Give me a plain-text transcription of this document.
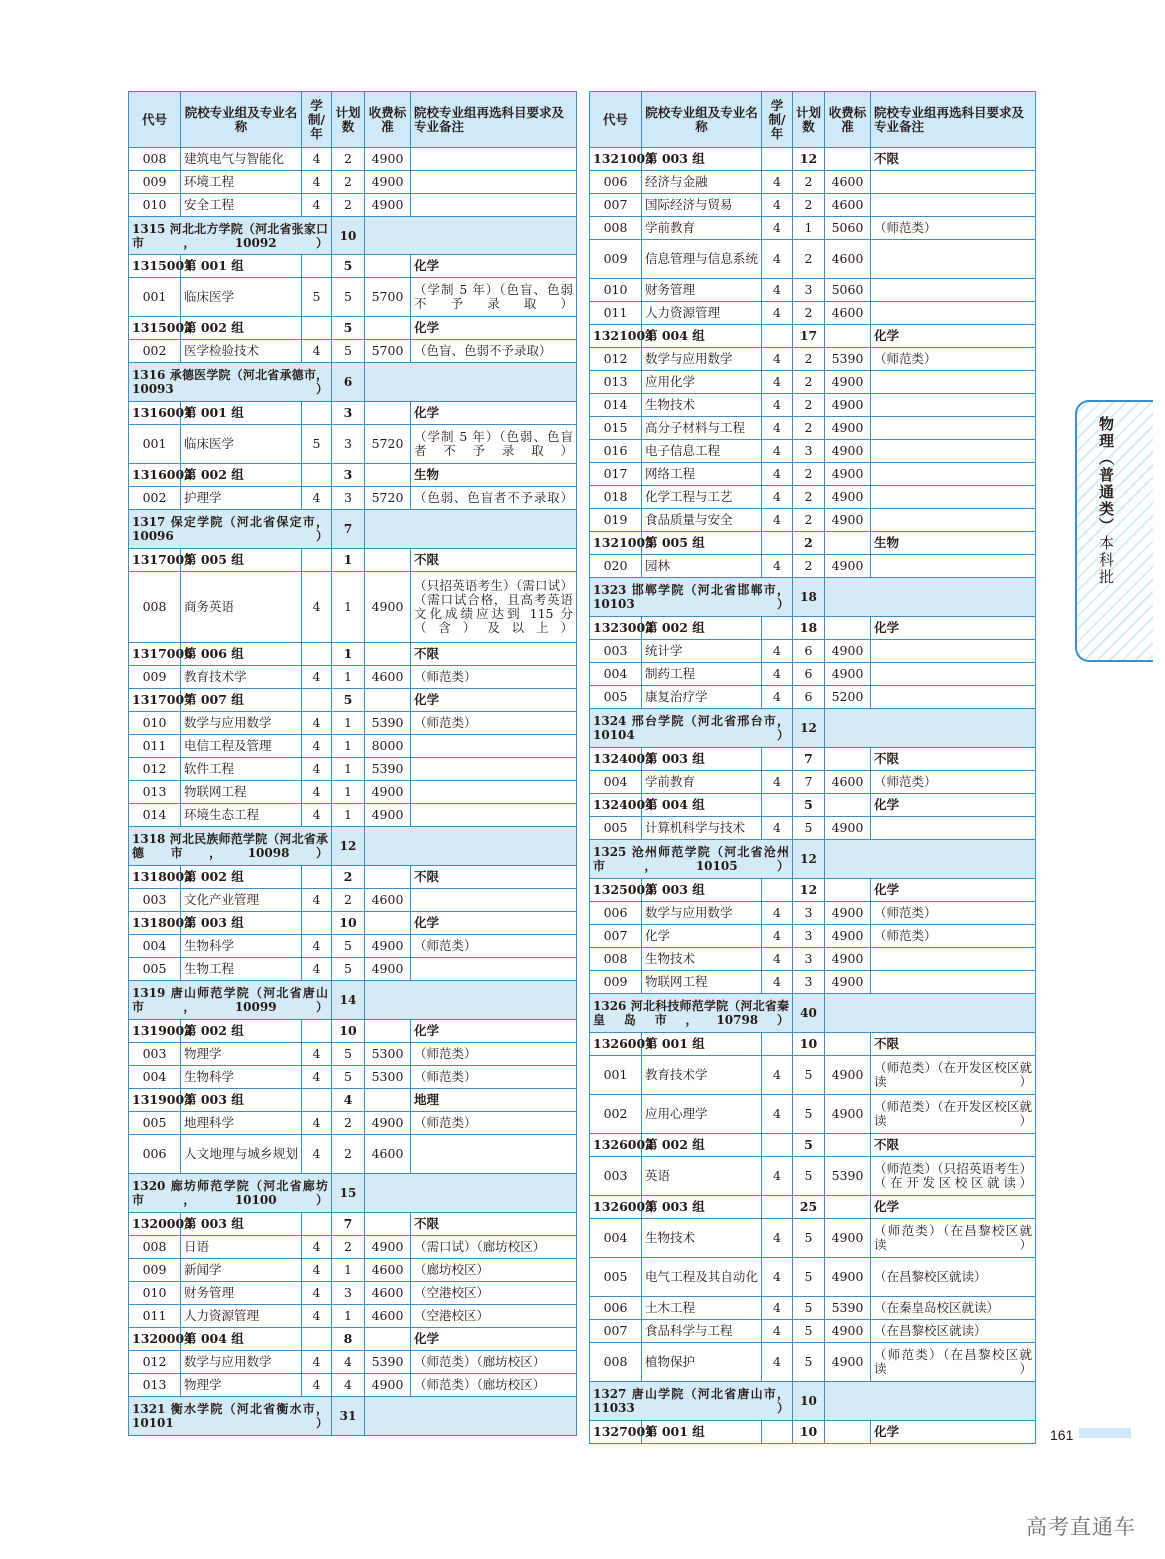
代号	院校专业组及专业名称	学制/年	计划数	收费标准	院校专业组再选科目要求及专业备注
008	建筑电气与智能化	4	2	4900	
009	环境工程	4	2	4900	
010	安全工程	4	2	4900	
1315 河北北方学院（河北省张家口市，10092）			10		
1315001	第 001 组		5		化学
001	临床医学	5	5	5700	（学制 5 年）（色盲、色弱不予录取）
1315002	第 002 组		5		化学
002	医学检验技术	4	5	5700	（色盲、色弱不予录取）
1316 承德医学院（河北省承德市，10093）			6		
1316001	第 001 组		3		化学
001	临床医学	5	3	5720	（学制 5 年）（色弱、色盲者不予录取）
1316002	第 002 组		3		生物
002	护理学	4	3	5720	（色弱、色盲者不予录取）
1317 保定学院（河北省保定市，10096）			7		
1317005	第 005 组		1		不限
008	商务英语	4	1	4900	（只招英语考生）（需口试）（需口试合格，且高考英语文化成绩应达到 115 分（含）及以上）
1317006	第 006 组		1		不限
009	教育技术学	4	1	4600	（师范类）
1317007	第 007 组		5		化学
010	数学与应用数学	4	1	5390	（师范类）
011	电信工程及管理	4	1	8000	
012	软件工程	4	1	5390	
013	物联网工程	4	1	4900	
014	环境生态工程	4	1	4900	
1318 河北民族师范学院（河北省承德市，10098）			12		
1318002	第 002 组		2		不限
003	文化产业管理	4	2	4600	
1318003	第 003 组		10		化学
004	生物科学	4	5	4900	（师范类）
005	生物工程	4	5	4900	
1319 唐山师范学院（河北省唐山市，10099）			14		
1319002	第 002 组		10		化学
003	物理学	4	5	5300	（师范类）
004	生物科学	4	5	5300	（师范类）
1319003	第 003 组		4		地理
005	地理科学	4	2	4900	（师范类）
006	人文地理与城乡规划	4	2	4600	
1320 廊坊师范学院（河北省廊坊市，10100）			15		
1320003	第 003 组		7		不限
008	日语	4	2	4900	（需口试）（廊坊校区）
009	新闻学	4	1	4600	（廊坊校区）
010	财务管理	4	3	4600	（空港校区）
011	人力资源管理	4	1	4600	（空港校区）
1320004	第 004 组		8		化学
012	数学与应用数学	4	4	5390	（师范类）（廊坊校区）
013	物理学	4	4	4900	（师范类）（廊坊校区）
1321 衡水学院（河北省衡水市，10101）			31		
代号	院校专业组及专业名称	学制/年	计划数	收费标准	院校专业组再选科目要求及专业备注
1321003	第 003 组		12		不限
006	经济与金融	4	2	4600	
007	国际经济与贸易	4	2	4600	
008	学前教育	4	1	5060	（师范类）
009	信息管理与信息系统	4	2	4600	
010	财务管理	4	3	5060	
011	人力资源管理	4	2	4600	
1321004	第 004 组		17		化学
012	数学与应用数学	4	2	5390	（师范类）
013	应用化学	4	2	4900	
014	生物技术	4	2	4900	
015	高分子材料与工程	4	2	4900	
016	电子信息工程	4	3	4900	
017	网络工程	4	2	4900	
018	化学工程与工艺	4	2	4900	
019	食品质量与安全	4	2	4900	
1321005	第 005 组		2		生物
020	园林	4	2	4900	
1323 邯郸学院（河北省邯郸市，10103）			18		
1323002	第 002 组		18		化学
003	统计学	4	6	4900	
004	制药工程	4	6	4900	
005	康复治疗学	4	6	5200	
1324 邢台学院（河北省邢台市，10104）			12		
1324003	第 003 组		7		不限
004	学前教育	4	7	4600	（师范类）
1324004	第 004 组		5		化学
005	计算机科学与技术	4	5	4900	
1325 沧州师范学院（河北省沧州市，10105）			12		
1325003	第 003 组		12		化学
006	数学与应用数学	4	3	4900	（师范类）
007	化学	4	3	4900	（师范类）
008	生物技术	4	3	4900	
009	物联网工程	4	3	4900	
1326 河北科技师范学院（河北省秦皇岛市，10798）			40		
1326001	第 001 组		10		不限
001	教育技术学	4	5	4900	（师范类）（在开发区校区就读）
002	应用心理学	4	5	4900	（师范类）（在开发区校区就读）
1326002	第 002 组		5		不限
003	英语	4	5	5390	（师范类）（只招英语考生）（在开发区校区就读）
1326003	第 003 组		25		化学
004	生物技术	4	5	4900	（师范类）（在昌黎校区就读）
005	电气工程及其自动化	4	5	4900	（在昌黎校区就读）
006	土木工程	4	5	5390	（在秦皇岛校区就读）
007	食品科学与工程	4	5	4900	（在昌黎校区就读）
008	植物保护	4	5	4900	（师范类）（在昌黎校区就读）
1327 唐山学院（河北省唐山市，11033）			10		
1327001	第 001 组		10		化学
物理（普通类）本科批
161
高考直通车
